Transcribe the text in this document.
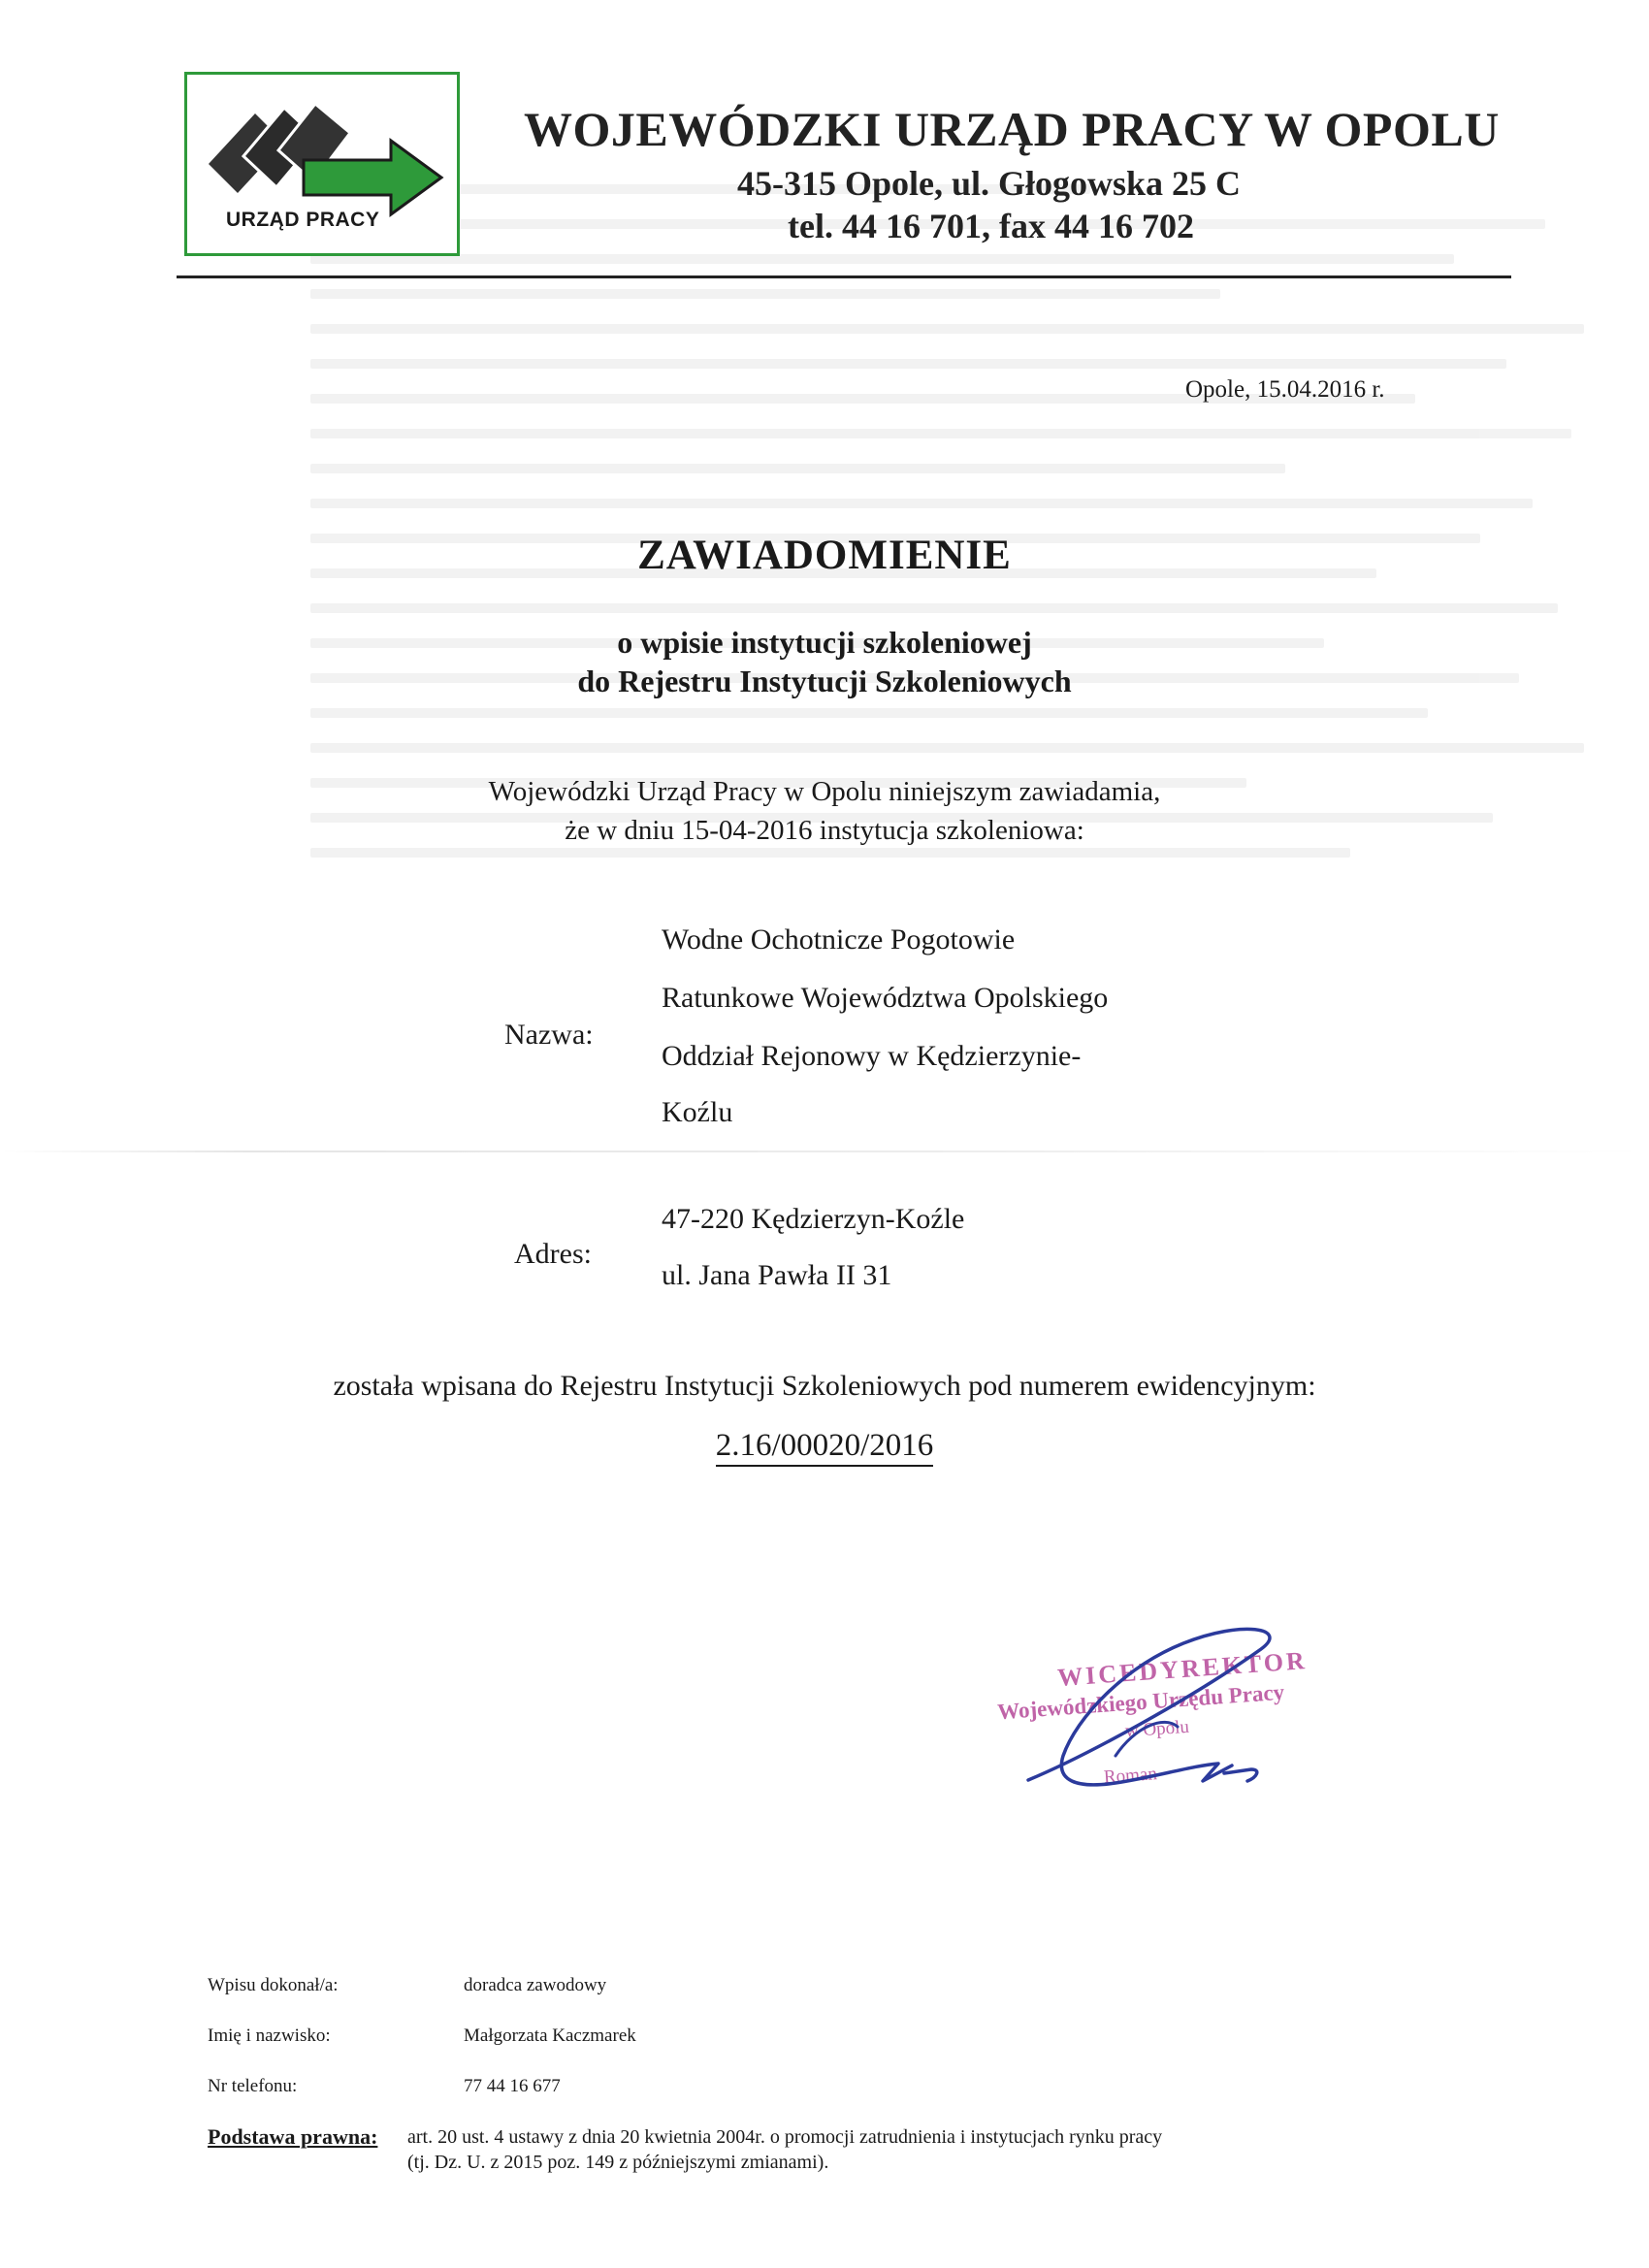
URZĄD PRACY
WOJEWÓDZKI URZĄD PRACY W OPOLU
45-315 Opole, ul. Głogowska 25 C
tel. 44 16 701, fax 44 16 702
Opole, 15.04.2016 r.
ZAWIADOMIENIE
o wpisie instytucji szkoleniowej
do Rejestru Instytucji Szkoleniowych
Wojewódzki Urząd Pracy w Opolu niniejszym zawiadamia,
że w dniu 15-04-2016 instytucja szkoleniowa:
Nazwa:
Wodne Ochotnicze Pogotowie
Ratunkowe Województwa Opolskiego
Oddział Rejonowy w Kędzierzynie-
Koźlu
Adres:
47-220 Kędzierzyn-Koźle
ul. Jana Pawła II 31
została wpisana do Rejestru Instytucji Szkoleniowych pod numerem ewidencyjnym:
2.16/00020/2016
WICEDYREKTOR
Wojewódzkiego Urzędu Pracy
w Opolu
Roman
Wpisu dokonał/a:	doradca zawodowy
Imię i nazwisko:	Małgorzata Kaczmarek
Nr telefonu:	77 44 16 677
Podstawa prawna: art. 20 ust. 4 ustawy z dnia 20 kwietnia 2004r. o promocji zatrudnienia i instytucjach rynku pracy
(tj. Dz. U. z 2015 poz. 149 z późniejszymi zmianami).
